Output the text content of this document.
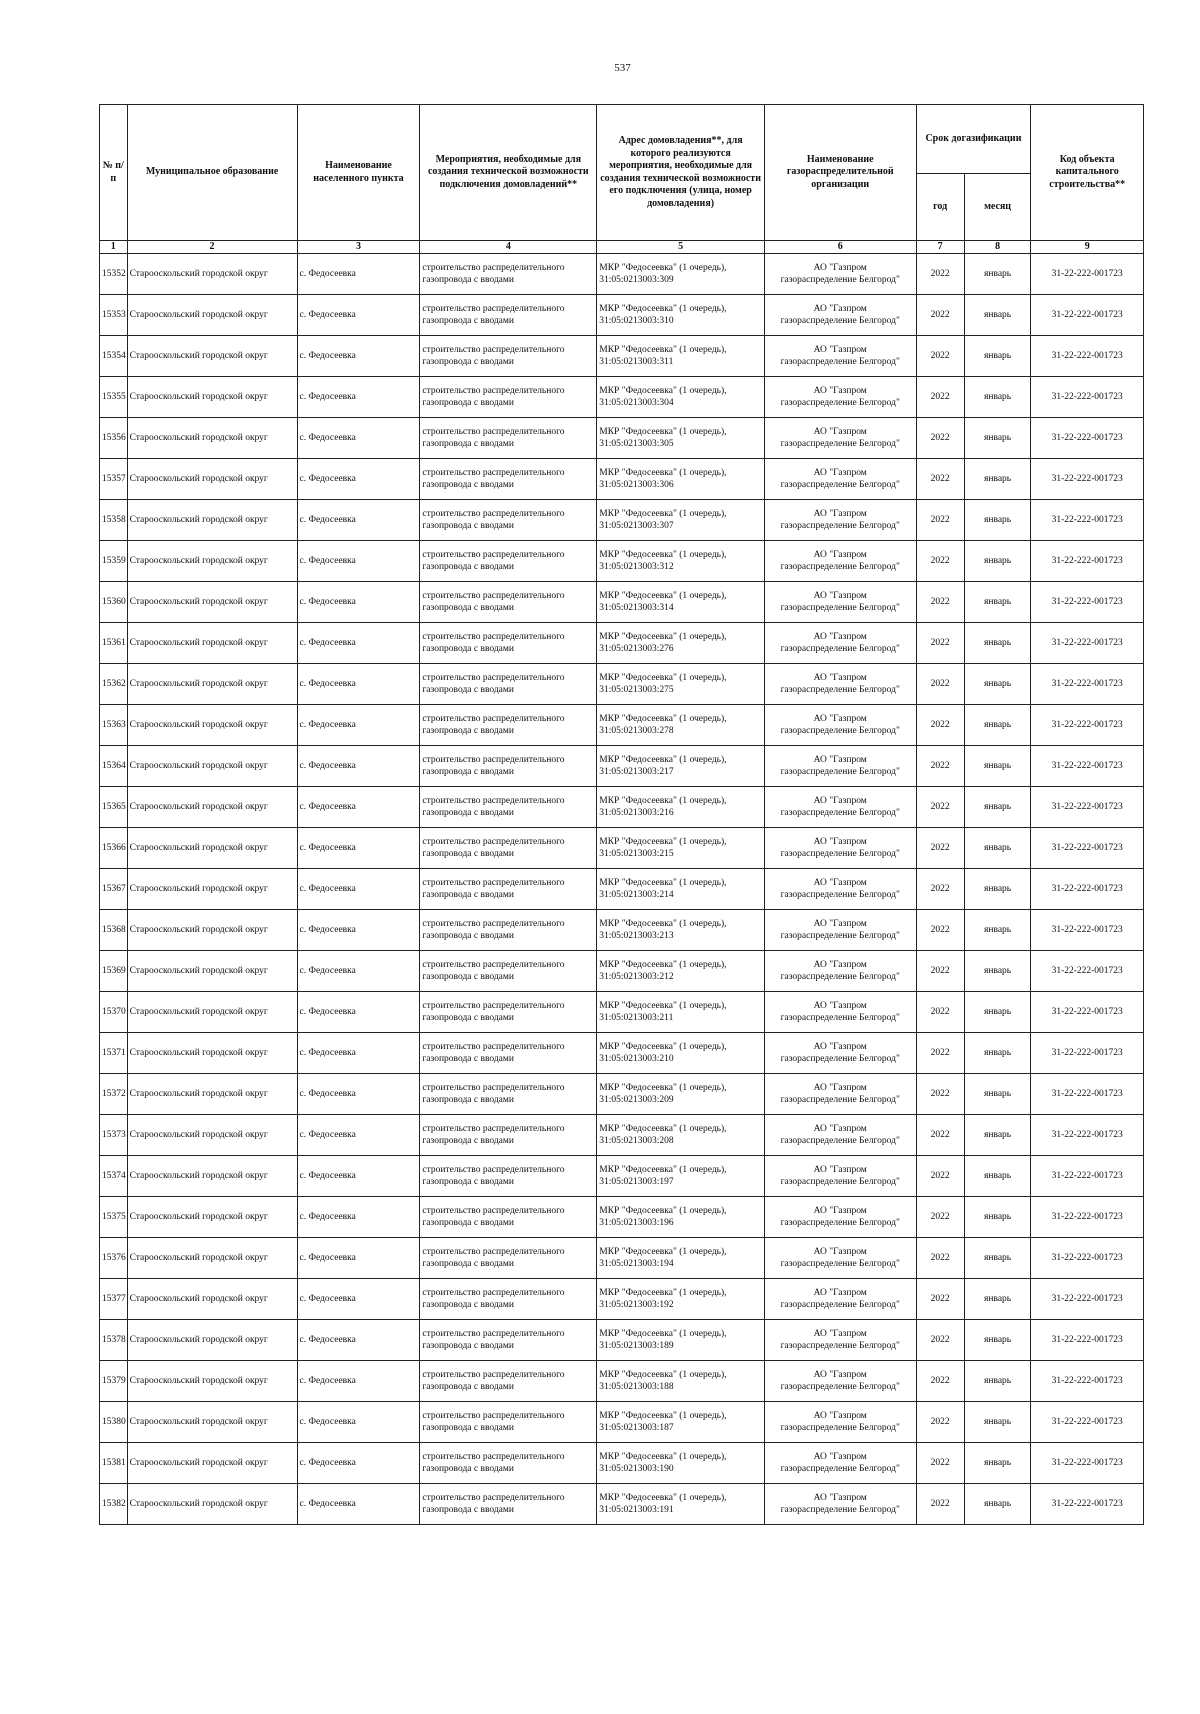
537
№ п/п	Муниципальное образование	Наименование населенного пункта	Мероприятия, необходимые для создания технической возможности подключения домовладений**	Адрес домовладения**, для которого реализуются мероприятия, необходимые для создания технической возможности его подключения (улица, номер домовладения)	Наименование газораспределительной организации	Срок догазификации		Код объекта капитального строительства**
						год	месяц	
1	2	3	4	5	6	7	8	9
15352	Старооскольский городской округ	с. Федосеевка	строительство распределительного газопровода с вводами	МКР "Федосеевка" (1 очередь),
31:05:0213003:309	АО "Газпром
газораспределение Белгород"	2022	январь	31-22-222-001723
15353	Старооскольский городской округ	с. Федосеевка	строительство распределительного газопровода с вводами	МКР "Федосеевка" (1 очередь),
31:05:0213003:310	АО "Газпром
газораспределение Белгород"	2022	январь	31-22-222-001723
15354	Старооскольский городской округ	с. Федосеевка	строительство распределительного газопровода с вводами	МКР "Федосеевка" (1 очередь),
31:05:0213003:311	АО "Газпром
газораспределение Белгород"	2022	январь	31-22-222-001723
15355	Старооскольский городской округ	с. Федосеевка	строительство распределительного газопровода с вводами	МКР "Федосеевка" (1 очередь),
31:05:0213003:304	АО "Газпром
газораспределение Белгород"	2022	январь	31-22-222-001723
15356	Старооскольский городской округ	с. Федосеевка	строительство распределительного газопровода с вводами	МКР "Федосеевка" (1 очередь),
31:05:0213003:305	АО "Газпром
газораспределение Белгород"	2022	январь	31-22-222-001723
15357	Старооскольский городской округ	с. Федосеевка	строительство распределительного газопровода с вводами	МКР "Федосеевка" (1 очередь),
31:05:0213003:306	АО "Газпром
газораспределение Белгород"	2022	январь	31-22-222-001723
15358	Старооскольский городской округ	с. Федосеевка	строительство распределительного газопровода с вводами	МКР "Федосеевка" (1 очередь),
31:05:0213003:307	АО "Газпром
газораспределение Белгород"	2022	январь	31-22-222-001723
15359	Старооскольский городской округ	с. Федосеевка	строительство распределительного газопровода с вводами	МКР "Федосеевка" (1 очередь),
31:05:0213003:312	АО "Газпром
газораспределение Белгород"	2022	январь	31-22-222-001723
15360	Старооскольский городской округ	с. Федосеевка	строительство распределительного газопровода с вводами	МКР "Федосеевка" (1 очередь),
31:05:0213003:314	АО "Газпром
газораспределение Белгород"	2022	январь	31-22-222-001723
15361	Старооскольский городской округ	с. Федосеевка	строительство распределительного газопровода с вводами	МКР "Федосеевка" (1 очередь),
31:05:0213003:276	АО "Газпром
газораспределение Белгород"	2022	январь	31-22-222-001723
15362	Старооскольский городской округ	с. Федосеевка	строительство распределительного газопровода с вводами	МКР "Федосеевка" (1 очередь),
31:05:0213003:275	АО "Газпром
газораспределение Белгород"	2022	январь	31-22-222-001723
15363	Старооскольский городской округ	с. Федосеевка	строительство распределительного газопровода с вводами	МКР "Федосеевка" (1 очередь),
31:05:0213003:278	АО "Газпром
газораспределение Белгород"	2022	январь	31-22-222-001723
15364	Старооскольский городской округ	с. Федосеевка	строительство распределительного газопровода с вводами	МКР "Федосеевка" (1 очередь),
31:05:0213003:217	АО "Газпром
газораспределение Белгород"	2022	январь	31-22-222-001723
15365	Старооскольский городской округ	с. Федосеевка	строительство распределительного газопровода с вводами	МКР "Федосеевка" (1 очередь),
31:05:0213003:216	АО "Газпром
газораспределение Белгород"	2022	январь	31-22-222-001723
15366	Старооскольский городской округ	с. Федосеевка	строительство распределительного газопровода с вводами	МКР "Федосеевка" (1 очередь),
31:05:0213003:215	АО "Газпром
газораспределение Белгород"	2022	январь	31-22-222-001723
15367	Старооскольский городской округ	с. Федосеевка	строительство распределительного газопровода с вводами	МКР "Федосеевка" (1 очередь),
31:05:0213003:214	АО "Газпром
газораспределение Белгород"	2022	январь	31-22-222-001723
15368	Старооскольский городской округ	с. Федосеевка	строительство распределительного газопровода с вводами	МКР "Федосеевка" (1 очередь),
31:05:0213003:213	АО "Газпром
газораспределение Белгород"	2022	январь	31-22-222-001723
15369	Старооскольский городской округ	с. Федосеевка	строительство распределительного газопровода с вводами	МКР "Федосеевка" (1 очередь),
31:05:0213003:212	АО "Газпром
газораспределение Белгород"	2022	январь	31-22-222-001723
15370	Старооскольский городской округ	с. Федосеевка	строительство распределительного газопровода с вводами	МКР "Федосеевка" (1 очередь),
31:05:0213003:211	АО "Газпром
газораспределение Белгород"	2022	январь	31-22-222-001723
15371	Старооскольский городской округ	с. Федосеевка	строительство распределительного газопровода с вводами	МКР "Федосеевка" (1 очередь),
31:05:0213003:210	АО "Газпром
газораспределение Белгород"	2022	январь	31-22-222-001723
15372	Старооскольский городской округ	с. Федосеевка	строительство распределительного газопровода с вводами	МКР "Федосеевка" (1 очередь),
31:05:0213003:209	АО "Газпром
газораспределение Белгород"	2022	январь	31-22-222-001723
15373	Старооскольский городской округ	с. Федосеевка	строительство распределительного газопровода с вводами	МКР "Федосеевка" (1 очередь),
31:05:0213003:208	АО "Газпром
газораспределение Белгород"	2022	январь	31-22-222-001723
15374	Старооскольский городской округ	с. Федосеевка	строительство распределительного газопровода с вводами	МКР "Федосеевка" (1 очередь),
31:05:0213003:197	АО "Газпром
газораспределение Белгород"	2022	январь	31-22-222-001723
15375	Старооскольский городской округ	с. Федосеевка	строительство распределительного газопровода с вводами	МКР "Федосеевка" (1 очередь),
31:05:0213003:196	АО "Газпром
газораспределение Белгород"	2022	январь	31-22-222-001723
15376	Старооскольский городской округ	с. Федосеевка	строительство распределительного газопровода с вводами	МКР "Федосеевка" (1 очередь),
31:05:0213003:194	АО "Газпром
газораспределение Белгород"	2022	январь	31-22-222-001723
15377	Старооскольский городской округ	с. Федосеевка	строительство распределительного газопровода с вводами	МКР "Федосеевка" (1 очередь),
31:05:0213003:192	АО "Газпром
газораспределение Белгород"	2022	январь	31-22-222-001723
15378	Старооскольский городской округ	с. Федосеевка	строительство распределительного газопровода с вводами	МКР "Федосеевка" (1 очередь),
31:05:0213003:189	АО "Газпром
газораспределение Белгород"	2022	январь	31-22-222-001723
15379	Старооскольский городской округ	с. Федосеевка	строительство распределительного газопровода с вводами	МКР "Федосеевка" (1 очередь),
31:05:0213003:188	АО "Газпром
газораспределение Белгород"	2022	январь	31-22-222-001723
15380	Старооскольский городской округ	с. Федосеевка	строительство распределительного газопровода с вводами	МКР "Федосеевка" (1 очередь),
31:05:0213003:187	АО "Газпром
газораспределение Белгород"	2022	январь	31-22-222-001723
15381	Старооскольский городской округ	с. Федосеевка	строительство распределительного газопровода с вводами	МКР "Федосеевка" (1 очередь),
31:05:0213003:190	АО "Газпром
газораспределение Белгород"	2022	январь	31-22-222-001723
15382	Старооскольский городской округ	с. Федосеевка	строительство распределительного газопровода с вводами	МКР "Федосеевка" (1 очередь),
31:05:0213003:191	АО "Газпром
газораспределение Белгород"	2022	январь	31-22-222-001723
